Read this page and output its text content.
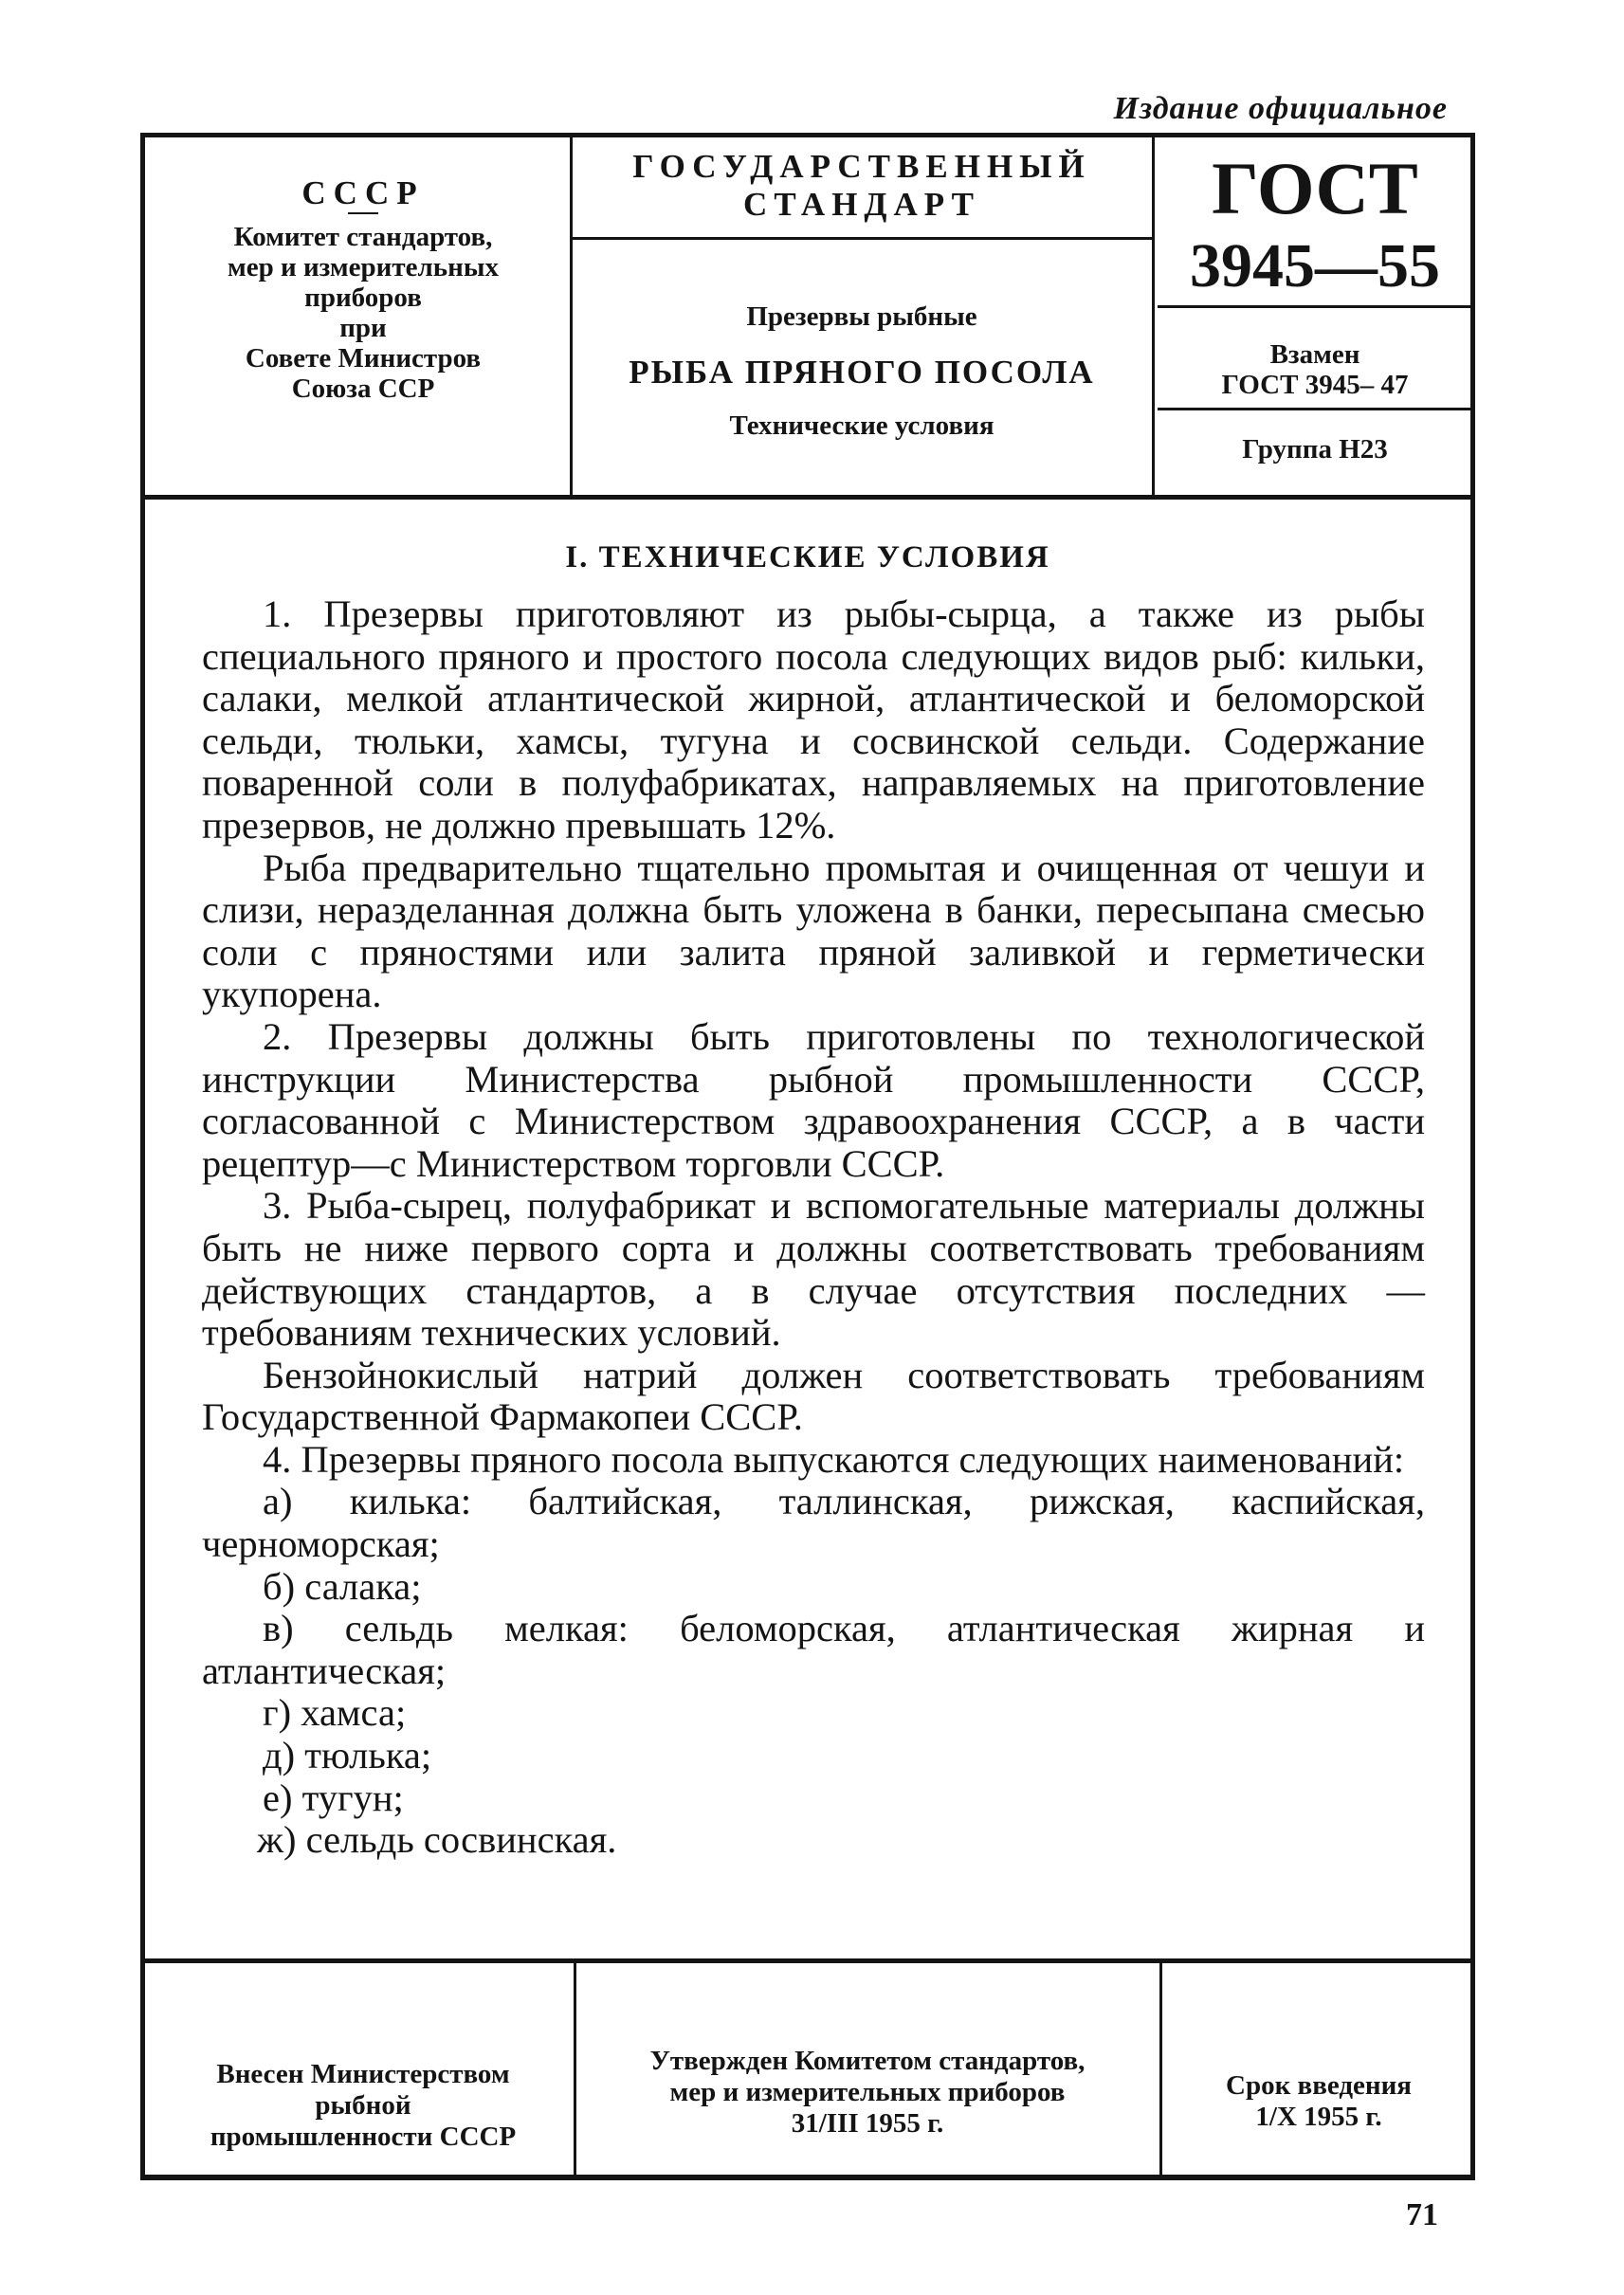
Издание официальное
СССР
Комитет стандартов,
мер и измерительных
приборов
при
Совете Министров
Союза ССР
ГОСУДАРСТВЕННЫЙ
СТАНДАРТ
Презервы рыбные
РЫБА ПРЯНОГО ПОСОЛА
Технические условия
ГОСТ
3945—55
Взамен
ГОСТ 3945– 47
Группа Н23
I. ТЕХНИЧЕСКИЕ УСЛОВИЯ

1. Презервы приготовляют из рыбы-сырца, а также из рыбы специального пряного и простого посола следующих видов рыб: кильки, салаки, мелкой атлантической жирной, атлантической и беломорской сельди, тюльки, хамсы, тугуна и сосвинской сельди. Содержание поваренной соли в полуфабрикатах, направляемых на приготовление презервов, не должно превышать 12%.

Рыба предварительно тщательно промытая и очищенная от чешуи и слизи, неразделанная должна быть уложена в банки, пересыпана смесью соли с пряностями или залита пряной заливкой и герметически укупорена.

2. Презервы должны быть приготовлены по технологической инструкции Министерства рыбной промышленности СССР, согласованной с Министерством здравоохранения СССР, а в части рецептур—с Министерством торговли СССР.

3. Рыба-сырец, полуфабрикат и вспомогательные материалы должны быть не ниже первого сорта и должны соответствовать требованиям действующих стандартов, а в случае отсутствия последних — требованиям технических условий.

Бензойнокислый натрий должен соответствовать требованиям Государственной Фармакопеи СССР.

4. Презервы пряного посола выпускаются следующих наименований:

а) килька: балтийская, таллинская, рижская, каспийская, черноморская;

б) салака;

в) сельдь мелкая: беломорская, атлантическая жирная и атлантическая;

г) хамса;
д) тюлька;
е) тугун;
ж) сельдь сосвинская.
Внесен Министерством
рыбной
промышленности СССР
Утвержден Комитетом стандартов,
мер и измерительных приборов
31/III 1955 г.
Срок введения
1/Х 1955 г.
71
